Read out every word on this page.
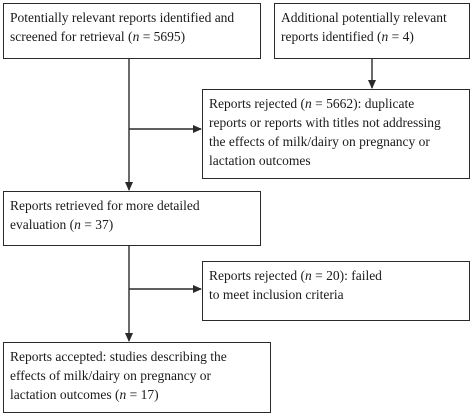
Potentially relevant reports identified and
screened for retrieval (n = 5695)
Additional potentially relevant
reports identified (n = 4)
Reports rejected (n = 5662): duplicate
reports or reports with titles not addressing
the effects of milk/dairy on pregnancy or
lactation outcomes
Reports retrieved for more detailed
evaluation (n = 37)
Reports rejected (n = 20): failed
to meet inclusion criteria
Reports accepted: studies describing the
effects of milk/dairy on pregnancy or
lactation outcomes (n = 17)
